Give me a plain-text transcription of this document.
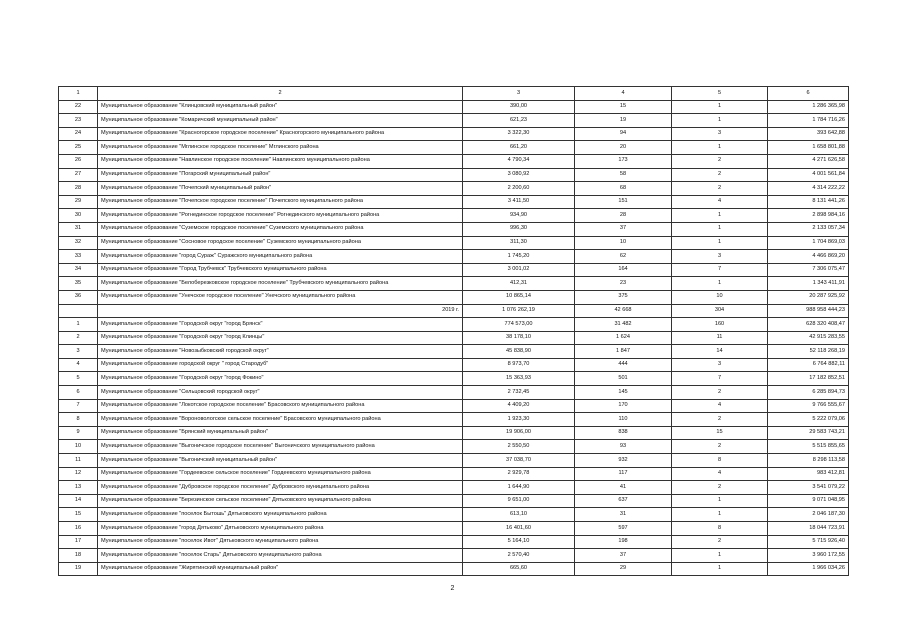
1	2	3	4	5	6
22	Муниципальное образование "Клинцовский муниципальный район"	390,00	15	1	1 286 365,98
23	Муниципальное образование "Комаричский муниципальный район"	621,23	19	1	1 784 716,26
24	Муниципальное образование "Красногорское городское поселение" Красногорского муниципального района	3 322,30	94	3	393 642,88
25	Муниципальное образование "Мглинское городское поселение" Мглинского района	661,20	20	1	1 658 801,88
26	Муниципальное образование "Навлинское городское поселение" Навлинского муниципального района	4 790,34	173	2	4 271 626,58
27	Муниципальное образование "Погарский муниципальный район"	3 080,92	58	2	4 001 561,84
28	Муниципальное образование "Почепский муниципальный район"	2 200,60	68	2	4 314 222,22
29	Муниципальное образование "Почепское городское поселение" Почепского муниципального района	3 411,50	151	4	8 131 441,26
30	Муниципальное образование "Рогнединское городское поселение" Рогнединского муниципального района	934,90	28	1	2 898 984,16
31	Муниципальное образование "Суземское городское поселение" Суземского муниципального района	996,30	37	1	2 133 057,34
32	Муниципальное образование "Сосновое городское поселение" Суземского муниципального района	311,30	10	1	1 704 869,03
33	Муниципальное образование "город Сураж" Суражского муниципального района	1 745,20	62	3	4 466 869,20
34	Муниципальное образование "Город Трубчевск" Трубчевского муниципального района	3 001,02	164	7	7 306 075,47
35	Муниципальное образование "Белоберезковское городское поселение" Трубчевского муниципального района	412,31	23	1	1 343 411,91
36	Муниципальное образование "Унечское городское поселение" Унечского муниципального района	10 865,14	375	10	20 287 925,92
	2019 г.	1 076 262,19	42 668	304	988 958 444,23
1	Муниципальное образование "Городской округ "город Брянск"	774 573,00	31 482	160	628 320 408,47
2	Муниципальное образование "Городской округ "город Клинцы"	38 178,10	1 624	11	42 915 283,55
3	Муниципальное образование "Новозыбковский городской округ"	45 838,90	1 847	14	52 118 268,19
4	Муниципальное образование городской округ " город Стародуб"	8 973,70	444	3	6 764 882,11
5	Муниципальное образование "Городской округ "город Фокино"	15 363,93	501	7	17 182 852,51
6	Муниципальное образование "Сельцовский городской округ"	2 732,45	145	2	6 285 894,73
7	Муниципальное образование "Локотское городское поселение" Брасовского муниципального района	4 409,20	170	4	9 766 555,67
8	Муниципальное образование "Вороновологское сельское поселение" Брасовского муниципального района	1 923,30	110	2	5 222 079,06
9	Муниципальное образование "Брянский муниципальный район"	19 906,00	838	15	29 583 743,21
10	Муниципальное образование "Выгоничское городское поселение" Выгоничского муниципального района	2 550,50	93	2	5 515 855,65
11	Муниципальное образование "Выгоничский муниципальный район"	37 038,70	932	8	8 298 113,58
12	Муниципальное образование "Гордеевское сельское поселение" Гордеевского муниципального района	2 929,78	117	4	983 412,81
13	Муниципальное образование "Дубровское городское поселение" Дубровского муниципального района	1 644,90	41	2	3 541 079,22
14	Муниципальное образование "Березинское сельское поселение" Дятьковского муниципального района	9 651,00	637	1	9 071 048,95
15	Муниципальное образование "поселок Бытошь" Дятьковского муниципального района	613,10	31	1	2 046 187,30
16	Муниципальное образование "город Дятьково" Дятьковского муниципального района	16 401,60	597	8	18 044 723,91
17	Муниципальное образование "поселок Ивот" Дятьковского муниципального района	5 164,10	198	2	5 715 926,40
18	Муниципальное образование "поселок Старь" Дятьковского муниципального района	2 570,40	37	1	3 960 172,55
19	Муниципальное образование "Жирятинский муниципальный район"	665,60	29	1	1 966 034,26
2
